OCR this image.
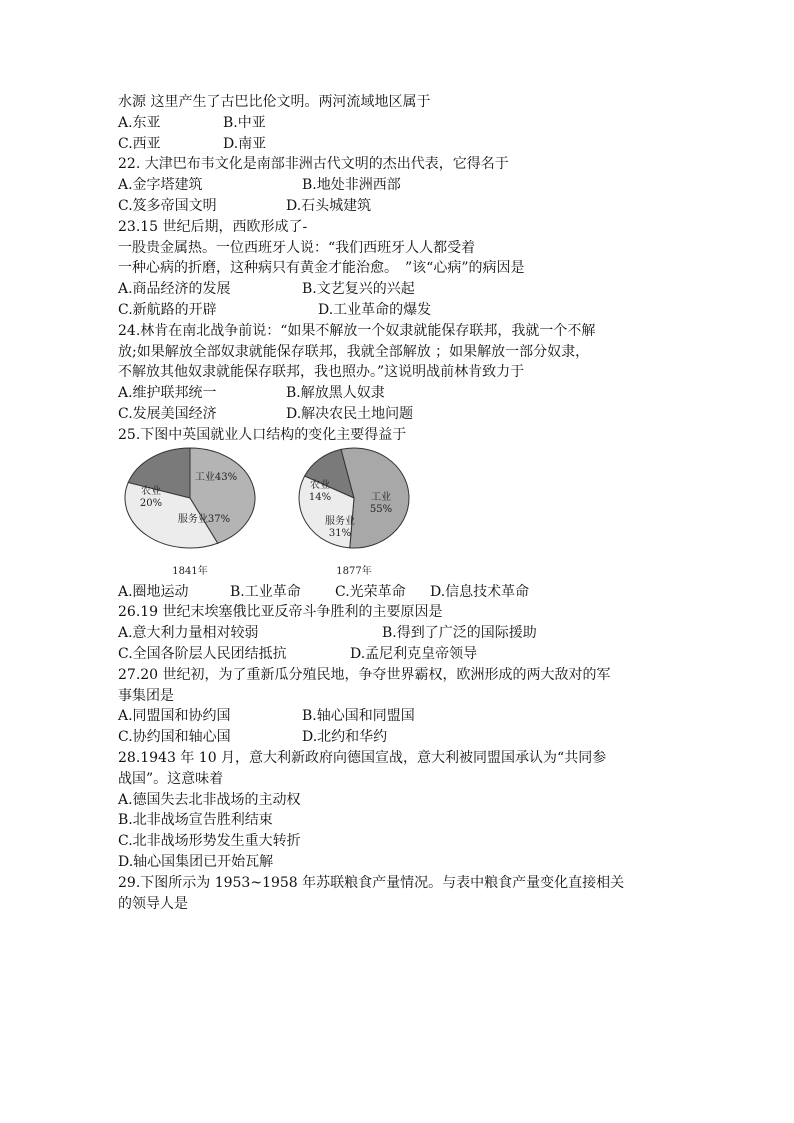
水源 这里产生了古巴比伦文明。两河流域地区属于
A.东亚	B.中亚
C.西亚	D.南亚
22. 大津巴布韦文化是南部非洲古代文明的杰出代表，它得名于
A.金字塔建筑	B.地处非洲西部
C.笈多帝国文明	D.石头城建筑
23.15 世纪后期，西欧形成了-
一股贵金属热。一位西班牙人说：“我们西班牙人人都受着
一种心病的折磨，这种病只有黄金才能治愈。　”该“心病”的病因是
A.商品经济的发展	B.文艺复兴的兴起
C.新航路的开辟	D.工业革命的爆发
24.林肯在南北战争前说：“如果不解放一个奴隶就能保存联邦，我就一个不解
放;如果解放全部奴隶就能保存联邦，我就全部解放 ；如果解放一部分奴隶，
不解放其他奴隶就能保存联邦，我也照办。”这说明战前林肯致力于
A.维护联邦统一	B.解放黑人奴隶
C.发展美国经济	D.解决农民土地问题
25.下图中英国就业人口结构的变化主要得益于
农业 20%
工业43%
服务业37%
1841年
农业 14%	工业 55%
服务业 31%
1877年
A.圈地运动	B.工业革命 C.光荣革命 D.信息技术革命
26.19 世纪末埃塞俄比亚反帝斗争胜利的主要原因是
A.意大利力量相对较弱	B.得到了广泛的国际援助
C.全国各阶层人民团结抵抗	D.孟尼利克皇帝领导
27.20 世纪初，为了重新瓜分殖民地，争夺世界霸权，欧洲形成的两大敌对的军
事集团是
A.同盟国和协约国	B.轴心国和同盟国
C.协约国和轴心国	D.北约和华约
28.1943 年 10 月，意大利新政府向德国宣战，意大利被同盟国承认为“共同参
战国”。这意味着
A.德国失去北非战场的主动权
B.北非战场宣告胜利结束
C.北非战场形势发生重大转折
D.轴心国集团已开始瓦解
29.下图所示为 1953~1958 年苏联粮食产量情况。与表中粮食产量变化直接相关
的领导人是
